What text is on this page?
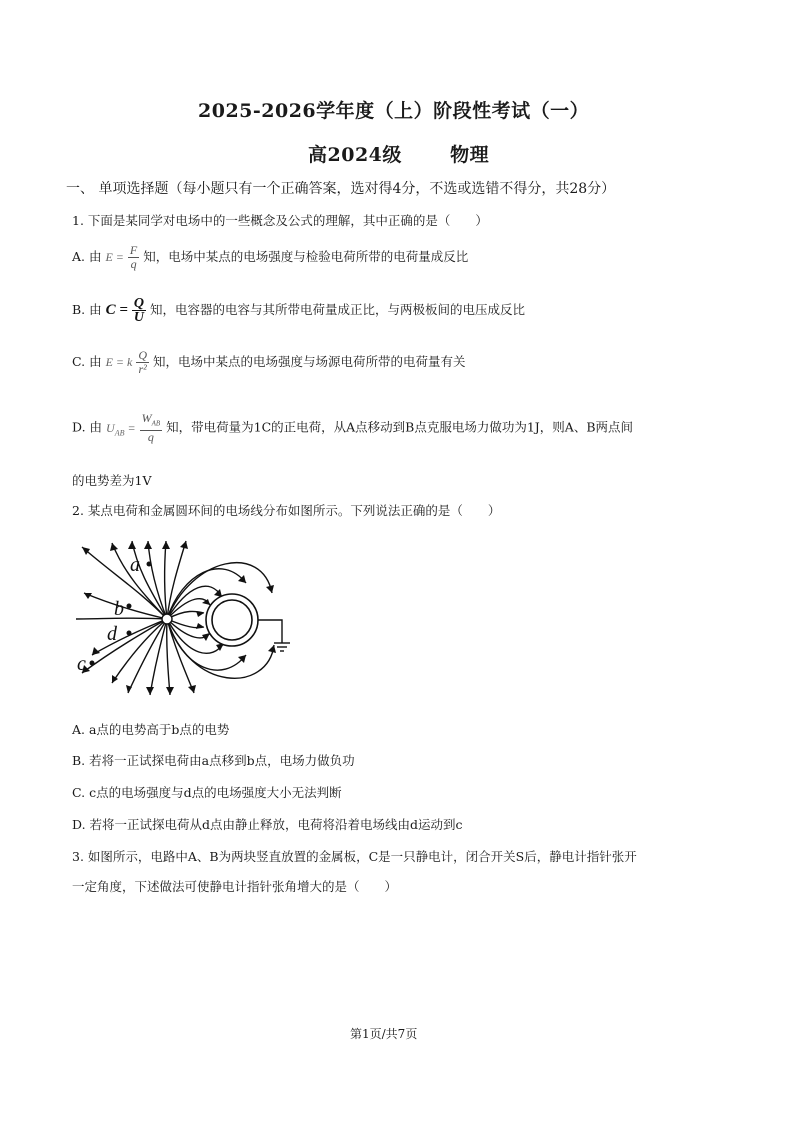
2025-2026学年度（上）阶段性考试（一）
高2024级	物理
一、 单项选择题（每小题只有一个正确答案，选对得4分，不选或选错不得分，共28分）
1. 下面是某同学对电场中的一些概念及公式的理解，其中正确的是（　　）
A. 由 $E = \frac{F}{q}$ 知，电场中某点的电场强度与检验电荷所带的电荷量成反比
B. 由 $C = \frac{Q}{U}$ 知，电容器的电容与其所带电荷量成正比，与两极板间的电压成反比
C. 由 E = k $\frac{Q}{\text{r²}}$ 知，电场中某点的电场强度与场源电荷所带的电荷量有关
D. 由 $U_{AB} = \frac{W_{AB}}{q}$ 知，带电荷量为1C的正电荷，从A点移动到B点克服电场力做功为1J，则A、B两点间
的电势差为1V
2. 某点电荷和金属圆环间的电场线分布如图所示。下列说法正确的是（　　）
a
b
d
c
A. a点的电势高于b点的电势
B. 若将一正试探电荷由a点移到b点，电场力做负功
C. c点的电场强度与d点的电场强度大小无法判断
D. 若将一正试探电荷从d点由静止释放，电荷将沿着电场线由d运动到c
3. 如图所示，电路中A、B为两块竖直放置的金属板，C是一只静电计，闭合开关S后，静电计指针张开
一定角度，下述做法可使静电计指针张角增大的是（　　）
第1页/共7页
